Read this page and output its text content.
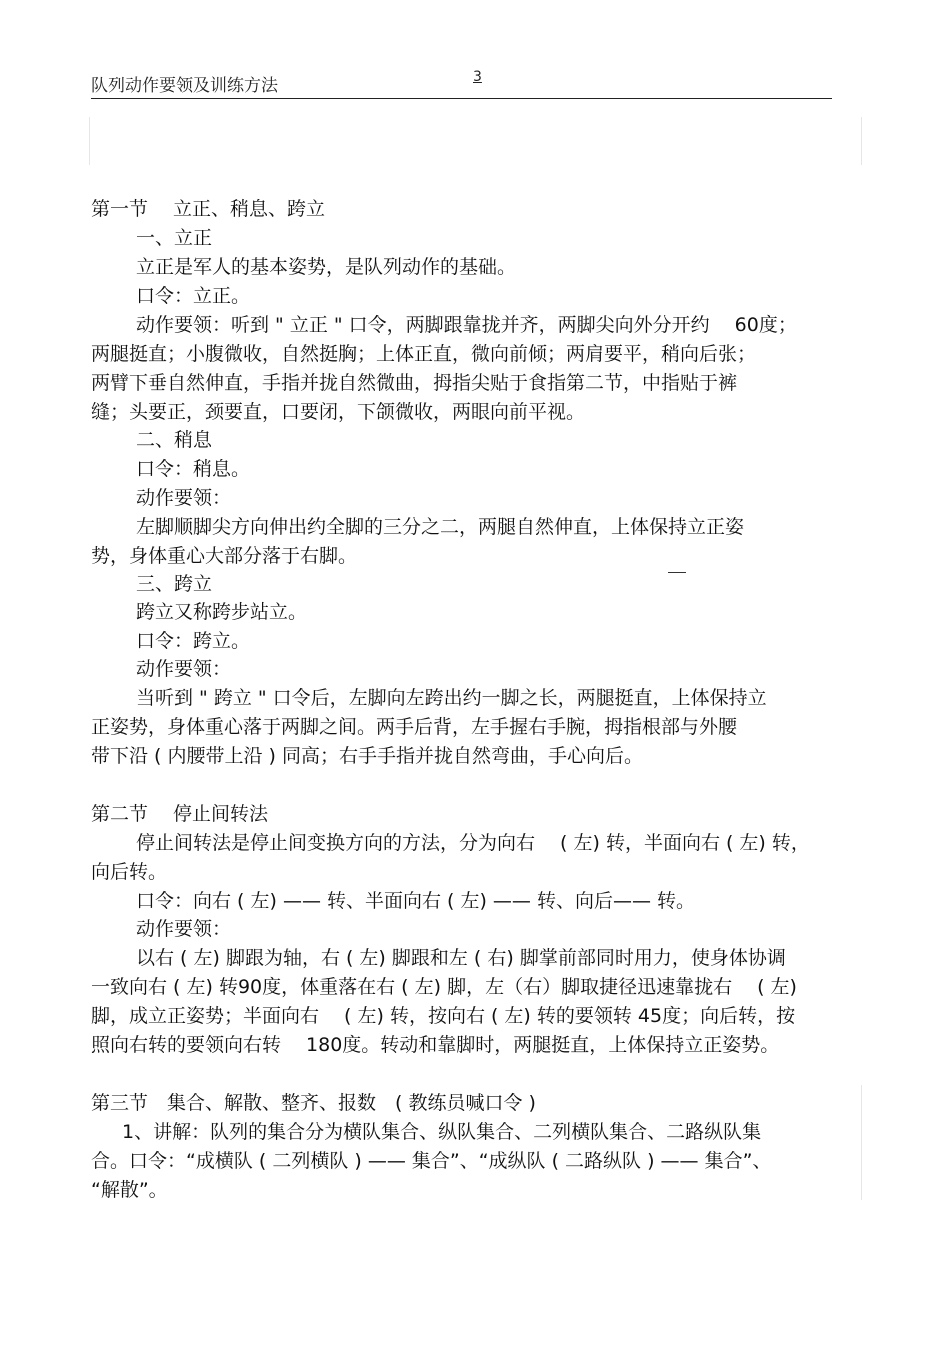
队列动作要领及训练方法	3
第一节　 立正、稍息、跨立
一、立正
立正是军人的基本姿势，是队列动作的基础。
口令：立正。
动作要领：听到 " 立正 " 口令，两脚跟靠拢并齐，两脚尖向外分开约　 60度；
两腿挺直；小腹微收，自然挺胸；上体正直，微向前倾；两肩要平，稍向后张；
两臂下垂自然伸直，手指并拢自然微曲，拇指尖贴于食指第二节，中指贴于裤
缝；头要正，颈要直，口要闭，下颌微收，两眼向前平视。
二、稍息
口令：稍息。
动作要领：
左脚顺脚尖方向伸出约全脚的三分之二，两腿自然伸直，上体保持立正姿
势，身体重心大部分落于右脚。
三、跨立
跨立又称跨步站立。
口令：跨立。
动作要领：
当听到 " 跨立 " 口令后，左脚向左跨出约一脚之长，两腿挺直，上体保持立
正姿势，身体重心落于两脚之间。两手后背，左手握右手腕，拇指根部与外腰
带下沿 ( 内腰带上沿 ) 同高；右手手指并拢自然弯曲，手心向后。
第二节　 停止间转法
停止间转法是停止间变换方向的方法，分为向右　 ( 左) 转，半面向右 ( 左) 转，
向后转。
口令：向右 ( 左) —— 转、半面向右 ( 左) —— 转、向后—— 转。
动作要领：
以右 ( 左) 脚跟为轴，右 ( 左) 脚跟和左 ( 右) 脚掌前部同时用力，使身体协调
一致向右 ( 左) 转90度，体重落在右 ( 左) 脚，左（右）脚取捷径迅速靠拢右　 ( 左)
脚，成立正姿势；半面向右　 ( 左) 转，按向右 ( 左) 转的要领转 45度；向后转，按
照向右转的要领向右转　 180度。转动和靠脚时，两腿挺直，上体保持立正姿势。
第三节　集合、解散、整齐、报数　( 教练员喊口令 )
1、讲解：队列的集合分为横队集合、纵队集合、二列横队集合、二路纵队集
合。口令：“成横队 ( 二列横队 ) —— 集合”、“成纵队 ( 二路纵队 ) —— 集合”、
“解散”。
